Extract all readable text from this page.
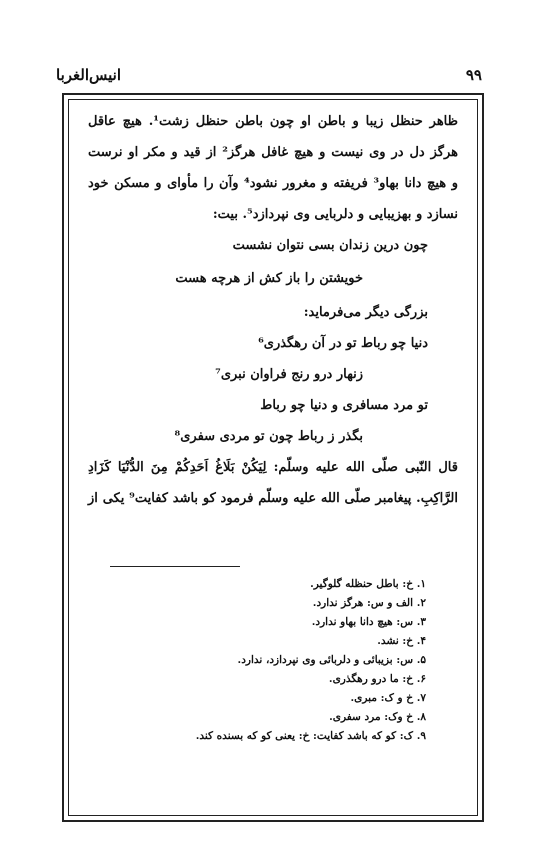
۹۹
انیس‌الغربا
ظاهر حنظل زیبا و باطن او چون باطن حنظل زشت¹. هیچ عاقل
هرگز دل در وی نیست و هیچ غافل هرگز² از قید و مکر او نرست
و هیچ دانا بهاو³ فریفته و مغرور نشود⁴ وآن را مأوای و مسکن خود
نسازد و بهزیبایی و دلربایی وی نپردازد⁵. بیت:
چون درین زندان بسی نتوان نشست
خویشتن را باز کش از هرچه هست
بزرگی دیگر می‌فرماید:
دنیا چو رباط تو در آن رهگذری⁶
زنهار درو رنج فراوان نبری⁷
تو مرد مسافری و دنیا چو رباط
بگذر ز رباط چون تو مردی سفری⁸
قال النّبی صلّی الله علیه وسلّم: لِیَکُنْ بَلَاغُ اَحَدِکُمْ مِنَ الدُّنْیَا کَزَادِ
الرَّاکِبِ. پیغامبر صلّی الله علیه وسلّم فرمود کو باشد کفایت⁹ یکی از
۱. خ: باطل حنظله گلوگیر.
۲. الف و س: هرگز ندارد.
۳. س: هیچ دانا بهاو ندارد.
۴. خ: نشد.
۵. س: بزیبائی و دلربائی وی نپردازد، ندارد.
۶. خ: ما درو رهگذری.
۷. خ و ک: مبری.
۸. خ وک: مرد سفری.
۹. ک: کو که باشد کفایت: خ: یعنی کو که بسنده کند.
